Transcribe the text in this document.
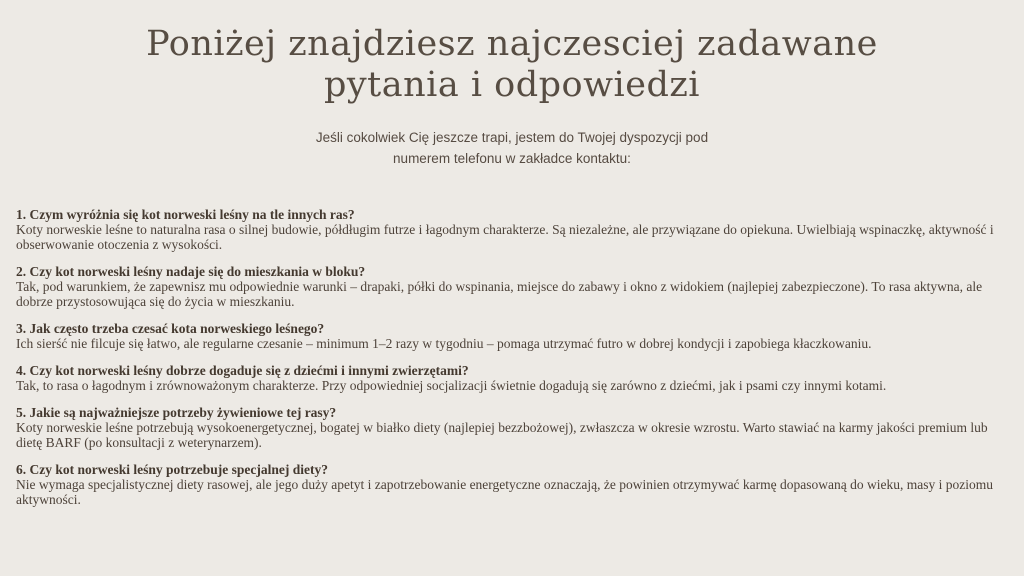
Poniżej znajdziesz najczesciej zadawane
pytania i odpowiedzi
Jeśli cokolwiek Cię jeszcze trapi, jestem do Twojej dyspozycji pod
numerem telefonu w zakładce kontaktu:
1. Czym wyróżnia się kot norweski leśny na tle innych ras?
Koty norweskie leśne to naturalna rasa o silnej budowie, półdługim futrze i łagodnym charakterze. Są niezależne, ale przywiązane do opiekuna. Uwielbiają wspinaczkę, aktywność i obserwowanie otoczenia z wysokości.
2. Czy kot norweski leśny nadaje się do mieszkania w bloku?
Tak, pod warunkiem, że zapewnisz mu odpowiednie warunki – drapaki, półki do wspinania, miejsce do zabawy i okno z widokiem (najlepiej zabezpieczone). To rasa aktywna, ale dobrze przystosowująca się do życia w mieszkaniu.
3. Jak często trzeba czesać kota norweskiego leśnego?
Ich sierść nie filcuje się łatwo, ale regularne czesanie – minimum 1–2 razy w tygodniu – pomaga utrzymać futro w dobrej kondycji i zapobiega kłaczkowaniu.
4. Czy kot norweski leśny dobrze dogaduje się z dziećmi i innymi zwierzętami?
Tak, to rasa o łagodnym i zrównoważonym charakterze. Przy odpowiedniej socjalizacji świetnie dogadują się zarówno z dziećmi, jak i psami czy innymi kotami.
5. Jakie są najważniejsze potrzeby żywieniowe tej rasy?
Koty norweskie leśne potrzebują wysokoenergetycznej, bogatej w białko diety (najlepiej bezzbożowej), zwłaszcza w okresie wzrostu. Warto stawiać na karmy jakości premium lub dietę BARF (po konsultacji z weterynarzem).
6. Czy kot norweski leśny potrzebuje specjalnej diety?
Nie wymaga specjalistycznej diety rasowej, ale jego duży apetyt i zapotrzebowanie energetyczne oznaczają, że powinien otrzymywać karmę dopasowaną do wieku, masy i poziomu aktywności.
